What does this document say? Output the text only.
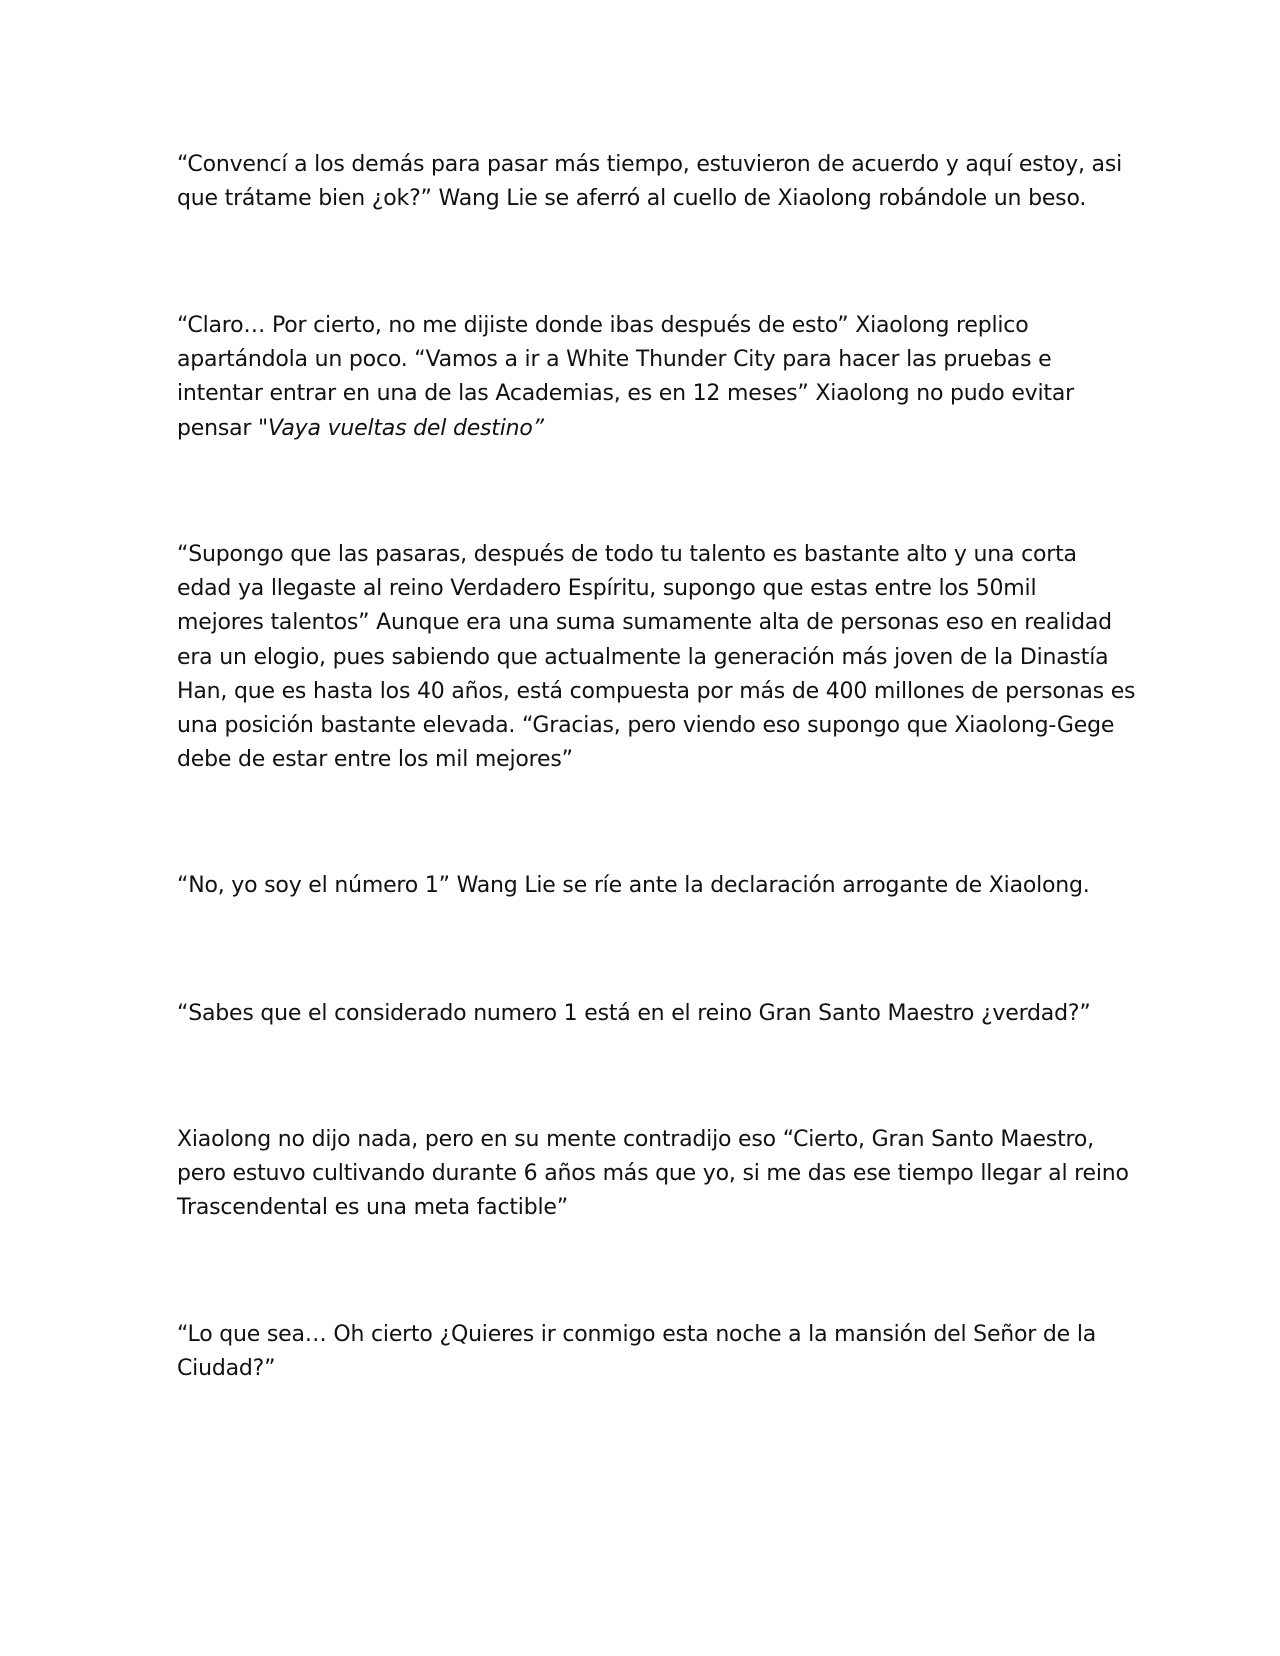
“Convencí a los demás para pasar más tiempo, estuvieron de acuerdo y aquí estoy, asi
que trátame bien ¿ok?” Wang Lie se aferró al cuello de Xiaolong robándole un beso.

“Claro… Por cierto, no me dijiste donde ibas después de esto” Xiaolong replico
apartándola un poco. “Vamos a ir a White Thunder City para hacer las pruebas e
intentar entrar en una de las Academias, es en 12 meses” Xiaolong no pudo evitar
pensar "Vaya vueltas del destino”

“Supongo que las pasaras, después de todo tu talento es bastante alto y una corta
edad ya llegaste al reino Verdadero Espíritu, supongo que estas entre los 50mil
mejores talentos” Aunque era una suma sumamente alta de personas eso en realidad
era un elogio, pues sabiendo que actualmente la generación más joven de la Dinastía
Han, que es hasta los 40 años, está compuesta por más de 400 millones de personas es
una posición bastante elevada. “Gracias, pero viendo eso supongo que Xiaolong-Gege
debe de estar entre los mil mejores”

“No, yo soy el número 1” Wang Lie se ríe ante la declaración arrogante de Xiaolong.

“Sabes que el considerado numero 1 está en el reino Gran Santo Maestro ¿verdad?”

Xiaolong no dijo nada, pero en su mente contradijo eso “Cierto, Gran Santo Maestro,
pero estuvo cultivando durante 6 años más que yo, si me das ese tiempo llegar al reino
Trascendental es una meta factible”

“Lo que sea… Oh cierto ¿Quieres ir conmigo esta noche a la mansión del Señor de la
Ciudad?”
